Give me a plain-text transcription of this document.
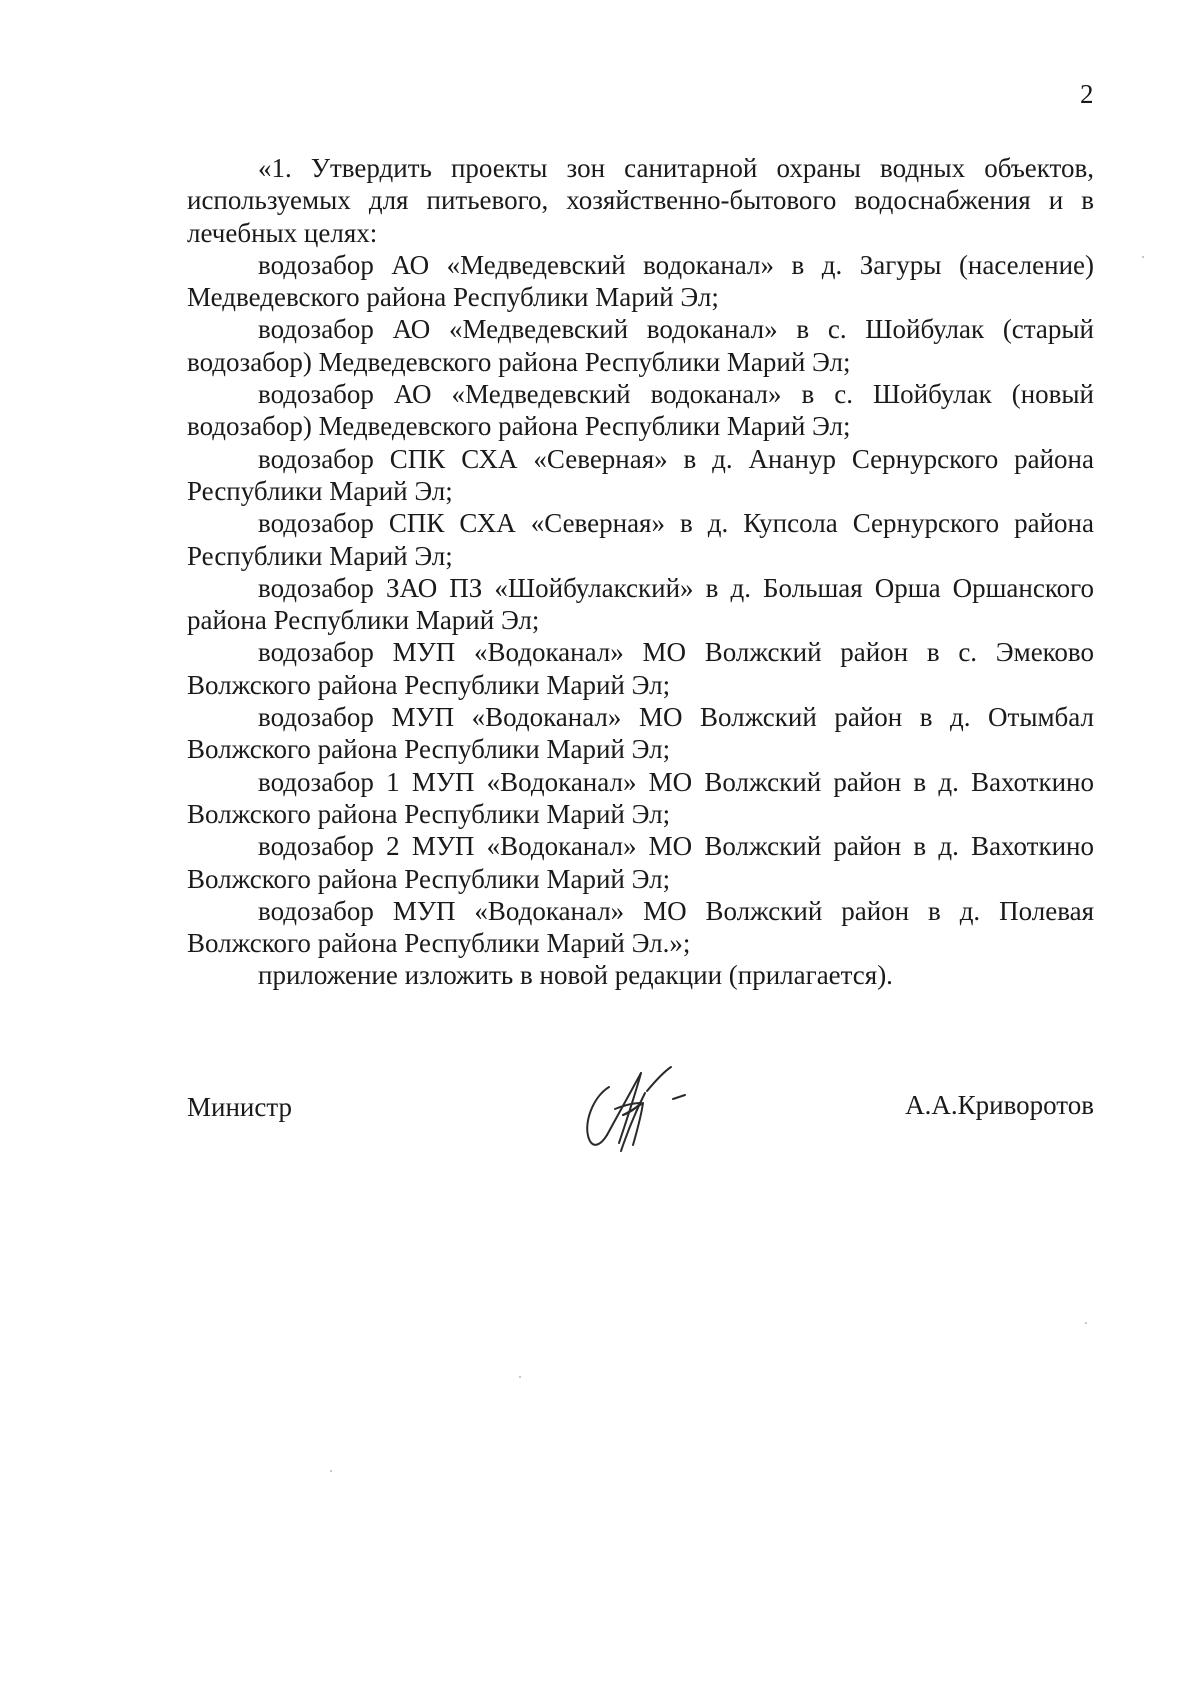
2

«1. Утвердить проекты зон санитарной охраны водных объектов, используемых для питьевого, хозяйственно-бытового водоснабжения и в лечебных целях:

водозабор АО «Медведевский водоканал» в д. Загуры (население) Медведевского района Республики Марий Эл;

водозабор АО «Медведевский водоканал» в с. Шойбулак (старый водозабор) Медведевского района Республики Марий Эл;

водозабор АО «Медведевский водоканал» в с. Шойбулак (новый водозабор) Медведевского района Республики Марий Эл;

водозабор СПК СХА «Северная» в д. Ананур Сернурского района Республики Марий Эл;

водозабор СПК СХА «Северная» в д. Купсола Сернурского района Республики Марий Эл;

водозабор ЗАО ПЗ «Шойбулакский» в д. Большая Орша Оршанского района Республики Марий Эл;

водозабор МУП «Водоканал» МО Волжский район в с. Эмеково Волжского района Республики Марий Эл;

водозабор МУП «Водоканал» МО Волжский район в д. Отымбал Волжского района Республики Марий Эл;

водозабор 1 МУП «Водоканал» МО Волжский район в д. Вахоткино Волжского района Республики Марий Эл;

водозабор 2 МУП «Водоканал» МО Волжский район в д. Вахоткино Волжского района Республики Марий Эл;

водозабор МУП «Водоканал» МО Волжский район в д. Полевая Волжского района Республики Марий Эл.»;

приложение изложить в новой редакции (прилагается).

Министр	А.А.Криворотов
